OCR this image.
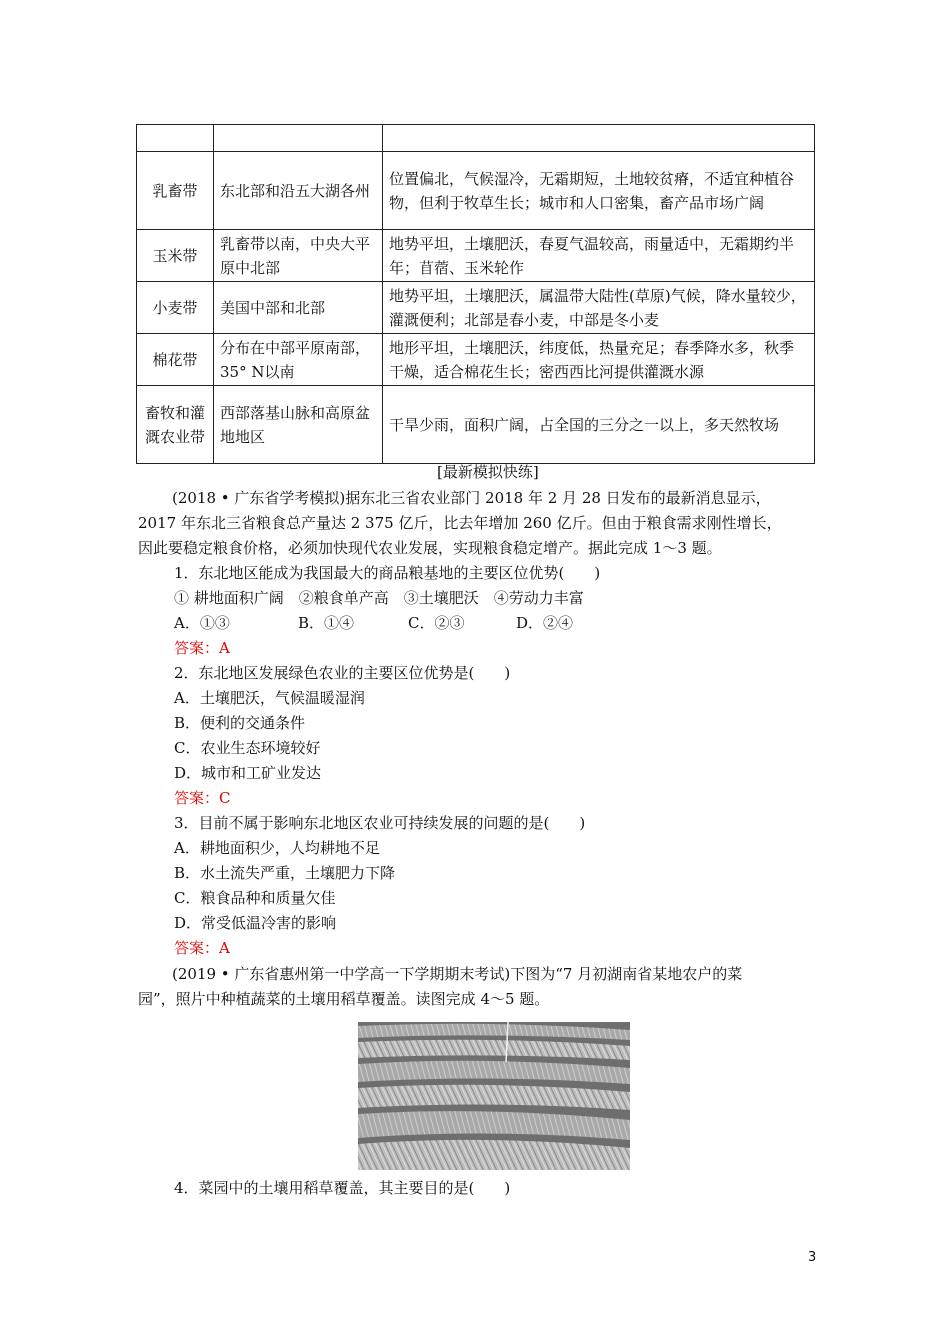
乳畜带	东北部和沿五大湖各州	位置偏北，气候湿冷，无霜期短，土地较贫瘠，不适宜种植谷物，但利于牧草生长；城市和人口密集，畜产品市场广阔
玉米带	乳畜带以南，中央大平原中北部	地势平坦，土壤肥沃，春夏气温较高，雨量适中，无霜期约半年；苜蓿、玉米轮作
小麦带	美国中部和北部	地势平坦，土壤肥沃，属温带大陆性(草原)气候，降水量较少，灌溉便利；北部是春小麦，中部是冬小麦
棉花带	分布在中部平原南部，35° N以南	地形平坦，土壤肥沃，纬度低，热量充足；春季降水多，秋季干燥，适合棉花生长；密西西比河提供灌溉水源
畜牧和灌溉农业带	西部落基山脉和高原盆地地区	干旱少雨，面积广阔，占全国的三分之一以上，多天然牧场
[最新模拟快练]
(2018 • 广东省学考模拟)据东北三省农业部门 2018 年 2 月 28 日发布的最新消息显示，
2017 年东北三省粮食总产量达 2 375 亿斤，比去年增加 260 亿斤。但由于粮食需求刚性增长，
因此要稳定粮食价格，必须加快现代农业发展，实现粮食稳定增产。据此完成 1～3 题。
1．东北地区能成为我国最大的商品粮基地的主要区位优势(　　)
① 耕地面积广阔　②粮食单产高　③土壤肥沃　④劳动力丰富
A．①③	B．①④	C．②③	D．②④
答案：A
2．东北地区发展绿色农业的主要区位优势是(　　)
A．土壤肥沃，气候温暖湿润
B．便利的交通条件
C．农业生态环境较好
D．城市和工矿业发达
答案：C
3．目前不属于影响东北地区农业可持续发展的问题的是(　　)
A．耕地面积少，人均耕地不足
B．水土流失严重，土壤肥力下降
C．粮食品种和质量欠佳
D．常受低温冷害的影响
答案：A
(2019 • 广东省惠州第一中学高一下学期期末考试)下图为“7 月初湖南省某地农户的菜
园”，照片中种植蔬菜的土壤用稻草覆盖。读图完成 4～5 题。
4．菜园中的土壤用稻草覆盖，其主要目的是(　　)
3
